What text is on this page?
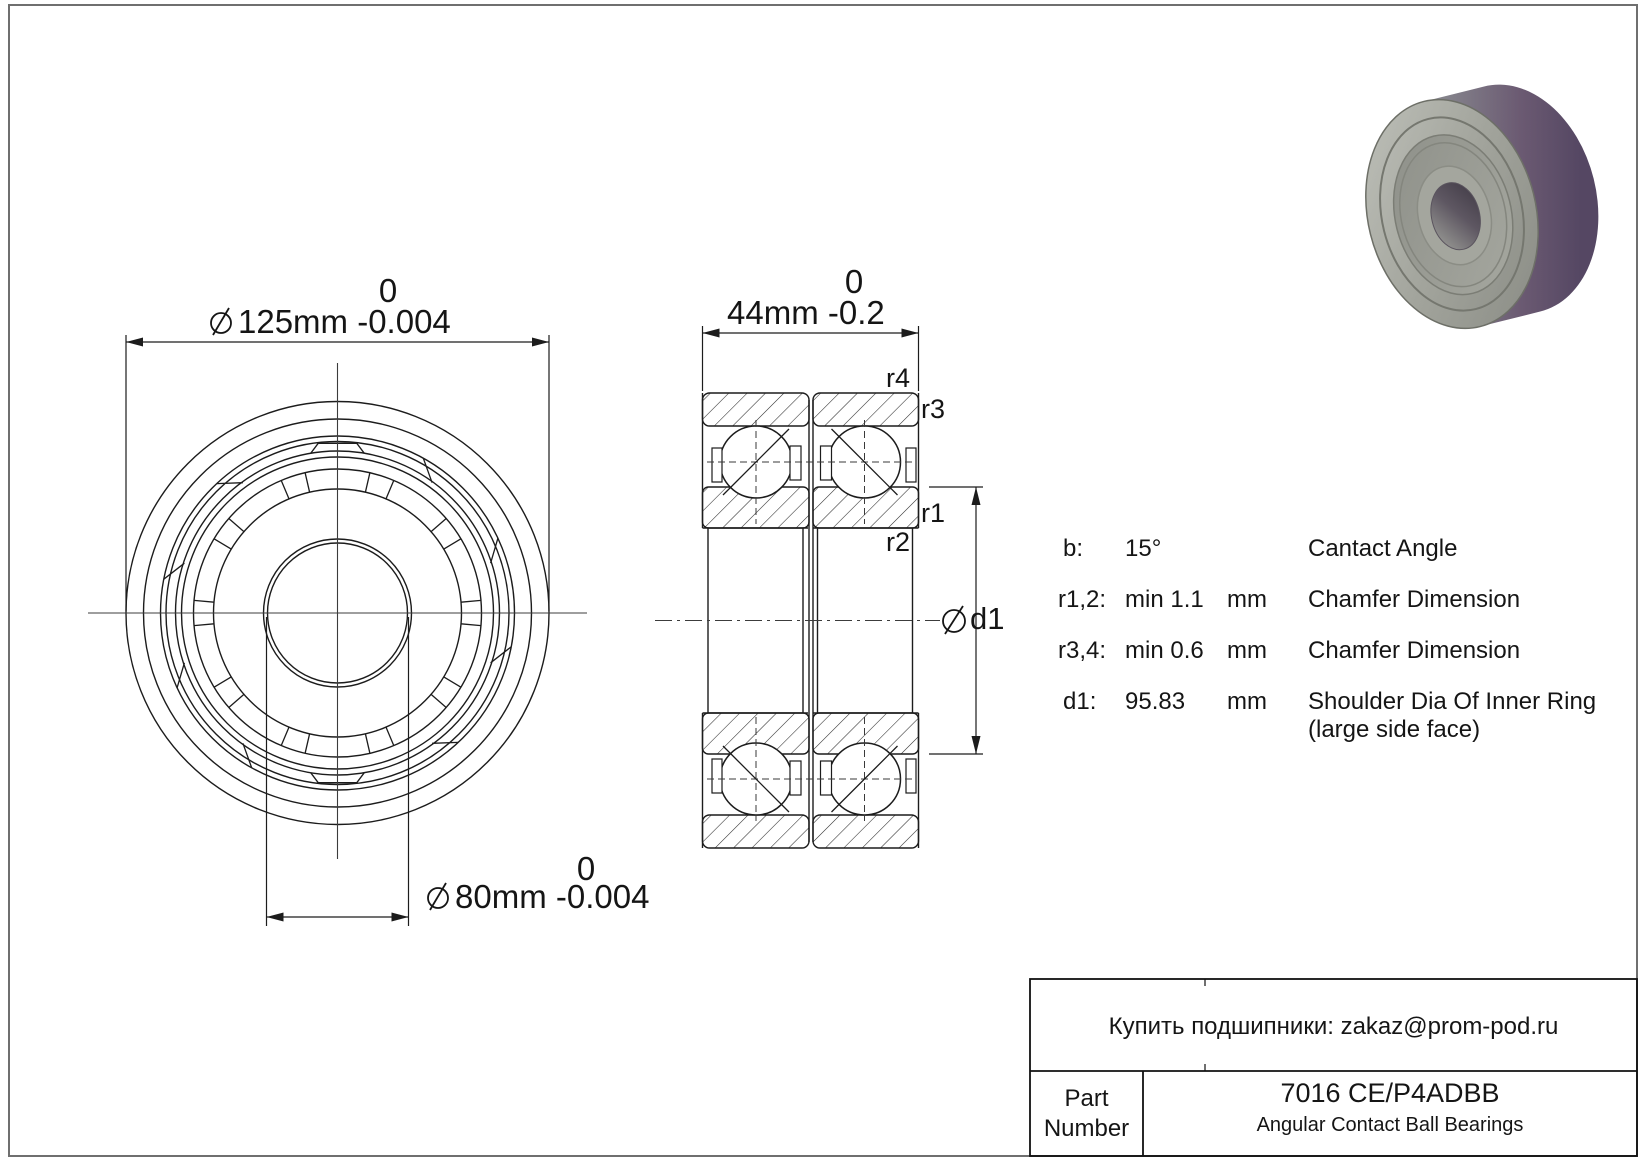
125mm -0.004
0
80mm -0.004
0
44mm -0.2
0
d1
r4
r3
r1
r2	b: 15°	Cantact Angle
r1,2: min 1.1 mm Chamfer Dimension
r3,4: min 0.6 mm Chamfer Dimension
d1: 95.83 mm Shoulder Dia Of Inner Ring
(large side face)
Купить подшипники: zakaz@prom-pod.ru
Part Number
7016 CE/P4ADBB
Angular Contact Ball Bearings
